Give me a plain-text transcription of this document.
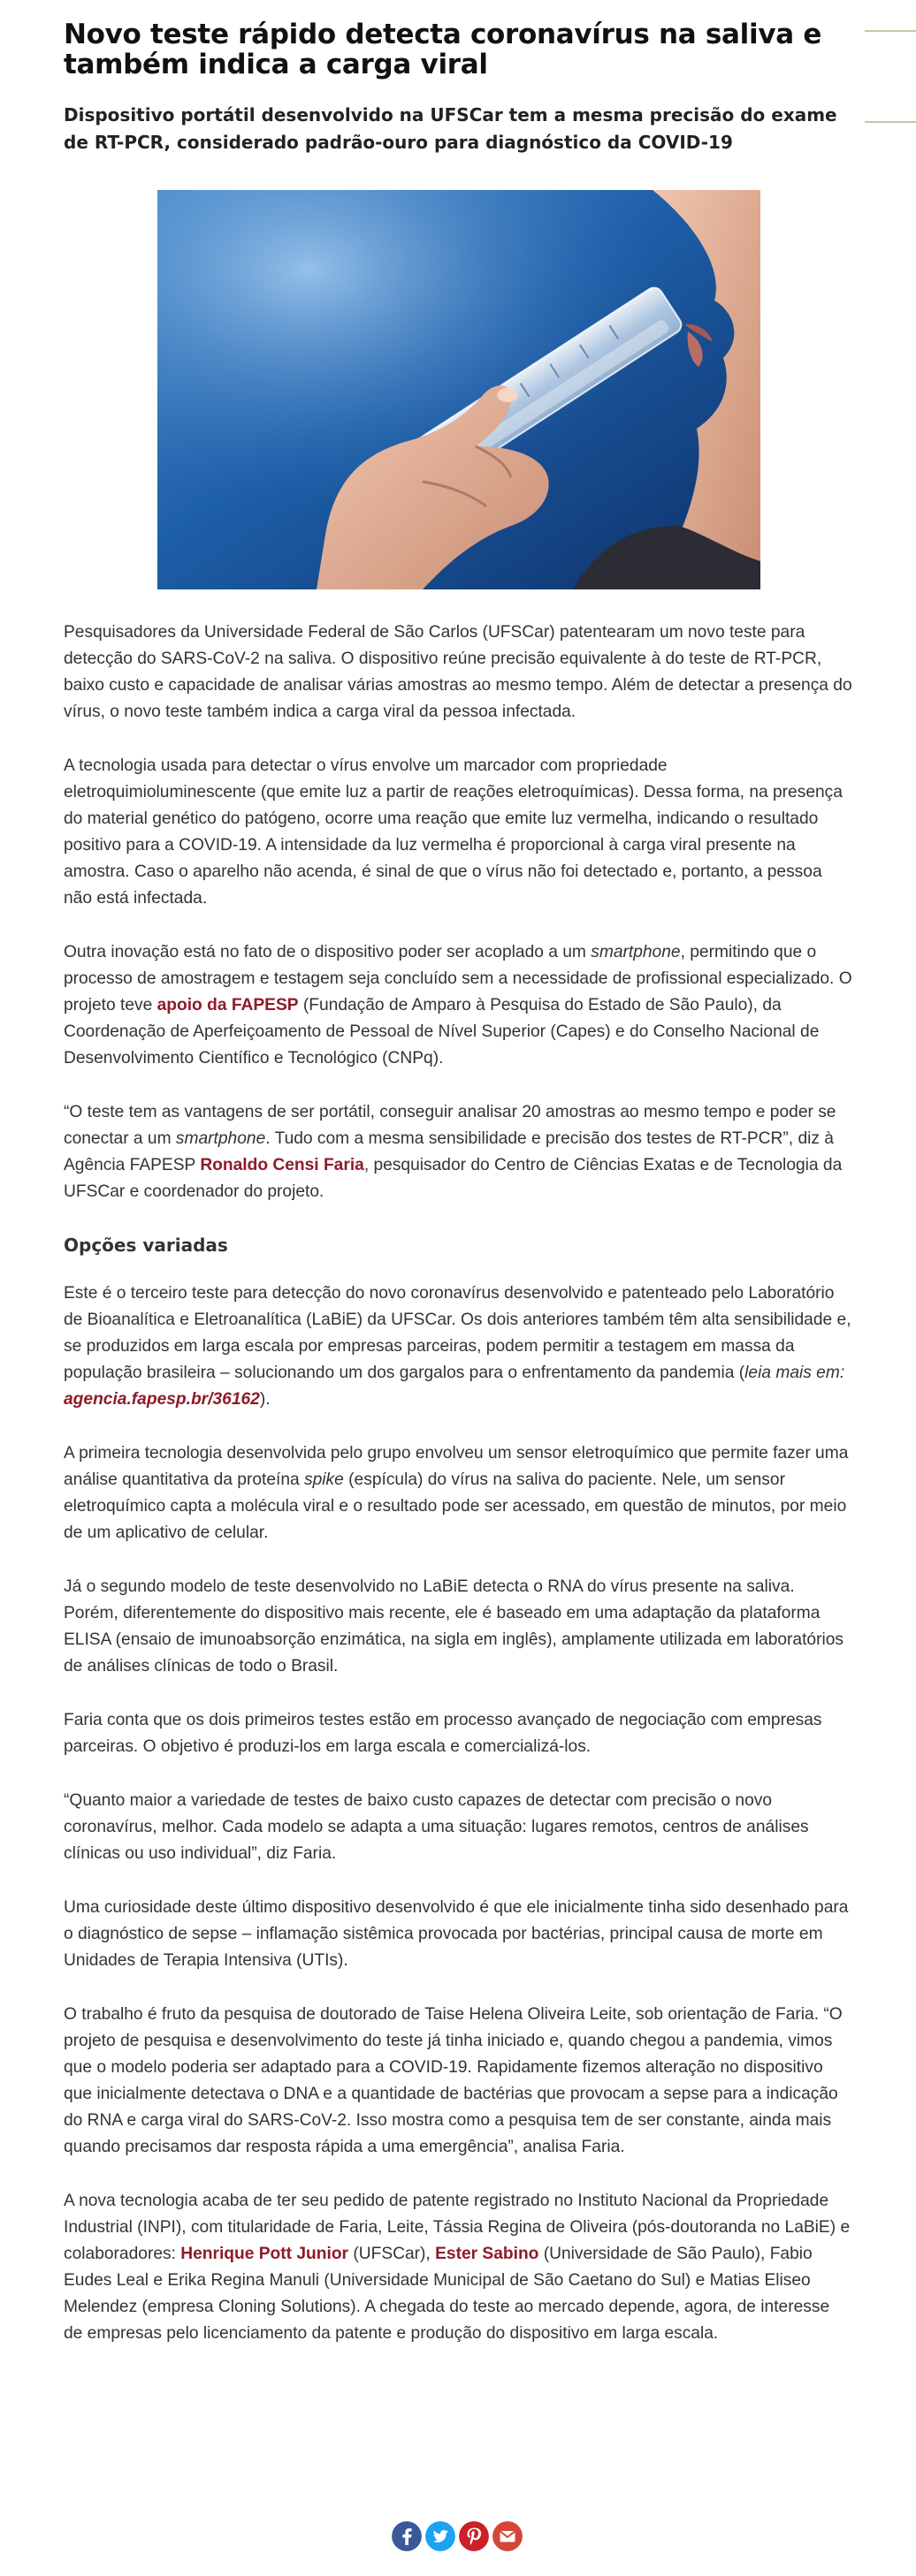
Novo teste rápido detecta coronavírus na saliva e também indica a carga viral
Dispositivo portátil desenvolvido na UFSCar tem a mesma precisão do exame de RT-PCR, considerado padrão-ouro para diagnóstico da COVID-19

Pesquisadores da Universidade Federal de São Carlos (UFSCar) patentearam um novo teste para detecção do SARS-CoV-2 na saliva. O dispositivo reúne precisão equivalente à do teste de RT-PCR, baixo custo e capacidade de analisar várias amostras ao mesmo tempo. Além de detectar a presença do vírus, o novo teste também indica a carga viral da pessoa infectada.

A tecnologia usada para detectar o vírus envolve um marcador com propriedade eletroquimioluminescente (que emite luz a partir de reações eletroquímicas). Dessa forma, na presença do material genético do patógeno, ocorre uma reação que emite luz vermelha, indicando o resultado positivo para a COVID-19. A intensidade da luz vermelha é proporcional à carga viral presente na amostra. Caso o aparelho não acenda, é sinal de que o vírus não foi detectado e, portanto, a pessoa não está infectada.

Outra inovação está no fato de o dispositivo poder ser acoplado a um smartphone, permitindo que o processo de amostragem e testagem seja concluído sem a necessidade de profissional especializado. O projeto teve apoio da FAPESP (Fundação de Amparo à Pesquisa do Estado de São Paulo), da Coordenação de Aperfeiçoamento de Pessoal de Nível Superior (Capes) e do Conselho Nacional de Desenvolvimento Científico e Tecnológico (CNPq).

“O teste tem as vantagens de ser portátil, conseguir analisar 20 amostras ao mesmo tempo e poder se conectar a um smartphone. Tudo com a mesma sensibilidade e precisão dos testes de RT-PCR”, diz à Agência FAPESP Ronaldo Censi Faria, pesquisador do Centro de Ciências Exatas e de Tecnologia da UFSCar e coordenador do projeto.

Opções variadas

Este é o terceiro teste para detecção do novo coronavírus desenvolvido e patenteado pelo Laboratório de Bioanalítica e Eletroanalítica (LaBiE) da UFSCar. Os dois anteriores também têm alta sensibilidade e, se produzidos em larga escala por empresas parceiras, podem permitir a testagem em massa da população brasileira – solucionando um dos gargalos para o enfrentamento da pandemia (leia mais em: agencia.fapesp.br/36162).

A primeira tecnologia desenvolvida pelo grupo envolveu um sensor eletroquímico que permite fazer uma análise quantitativa da proteína spike (espícula) do vírus na saliva do paciente. Nele, um sensor eletroquímico capta a molécula viral e o resultado pode ser acessado, em questão de minutos, por meio de um aplicativo de celular.

Já o segundo modelo de teste desenvolvido no LaBiE detecta o RNA do vírus presente na saliva. Porém, diferentemente do dispositivo mais recente, ele é baseado em uma adaptação da plataforma ELISA (ensaio de imunoabsorção enzimática, na sigla em inglês), amplamente utilizada em laboratórios de análises clínicas de todo o Brasil.

Faria conta que os dois primeiros testes estão em processo avançado de negociação com empresas parceiras. O objetivo é produzi-los em larga escala e comercializá-los.

“Quanto maior a variedade de testes de baixo custo capazes de detectar com precisão o novo coronavírus, melhor. Cada modelo se adapta a uma situação: lugares remotos, centros de análises clínicas ou uso individual”, diz Faria.

Uma curiosidade deste último dispositivo desenvolvido é que ele inicialmente tinha sido desenhado para o diagnóstico de sepse – inflamação sistêmica provocada por bactérias, principal causa de morte em Unidades de Terapia Intensiva (UTIs).

O trabalho é fruto da pesquisa de doutorado de Taise Helena Oliveira Leite, sob orientação de Faria. “O projeto de pesquisa e desenvolvimento do teste já tinha iniciado e, quando chegou a pandemia, vimos que o modelo poderia ser adaptado para a COVID-19. Rapidamente fizemos alteração no dispositivo que inicialmente detectava o DNA e a quantidade de bactérias que provocam a sepse para a indicação do RNA e carga viral do SARS-CoV-2. Isso mostra como a pesquisa tem de ser constante, ainda mais quando precisamos dar resposta rápida a uma emergência”, analisa Faria.

A nova tecnologia acaba de ter seu pedido de patente registrado no Instituto Nacional da Propriedade Industrial (INPI), com titularidade de Faria, Leite, Tássia Regina de Oliveira (pós-doutoranda no LaBiE) e colaboradores: Henrique Pott Junior (UFSCar), Ester Sabino (Universidade de São Paulo), Fabio Eudes Leal e Erika Regina Manuli (Universidade Municipal de São Caetano do Sul) e Matias Eliseo Melendez (empresa Cloning Solutions). A chegada do teste ao mercado depende, agora, de interesse de empresas pelo licenciamento da patente e produção do dispositivo em larga escala.
